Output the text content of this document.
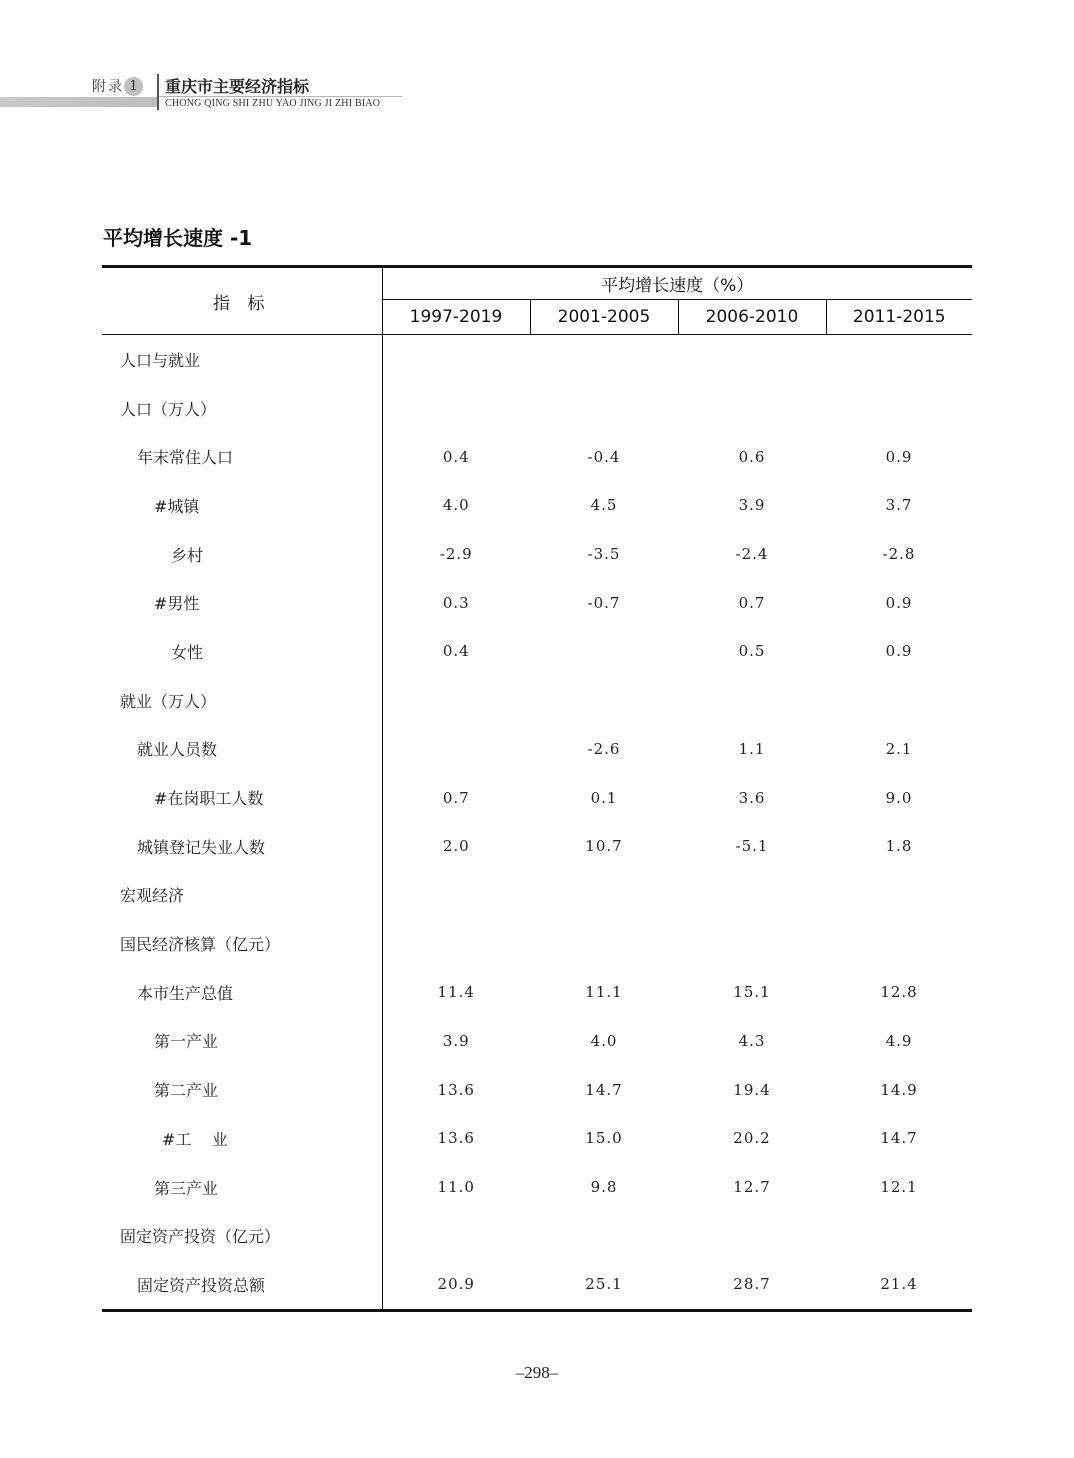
附 录 1	重庆市主要经济指标
CHONG QING SHI ZHU YAO JING JI ZHI BIAO
平均增长速度 -1
指 标	平均增长速度（%）			
	1997-2019	2001-2005	2006-2010	2011-2015
人口与就业				
人口（万人）				
年末常住人口	0.4	-0.4	0.6	0.9
#城镇	4.0	4.5	3.9	3.7
乡村	-2.9	-3.5	-2.4	-2.8
#男性	0.3	-0.7	0.7	0.9
女性	0.4		0.5	0.9
就业（万人）				
就业人员数		-2.6	1.1	2.1
#在岗职工人数	0.7	0.1	3.6	9.0
城镇登记失业人数	2.0	10.7	-5.1	1.8
宏观经济				
国民经济核算（亿元）				
本市生产总值	11.4	11.1	15.1	12.8
第一产业	3.9	4.0	4.3	4.9
第二产业	13.6	14.7	19.4	14.9
#工    业	13.6	15.0	20.2	14.7
第三产业	11.0	9.8	12.7	12.1
固定资产投资（亿元）				
固定资产投资总额	20.9	25.1	28.7	21.4
–298–
